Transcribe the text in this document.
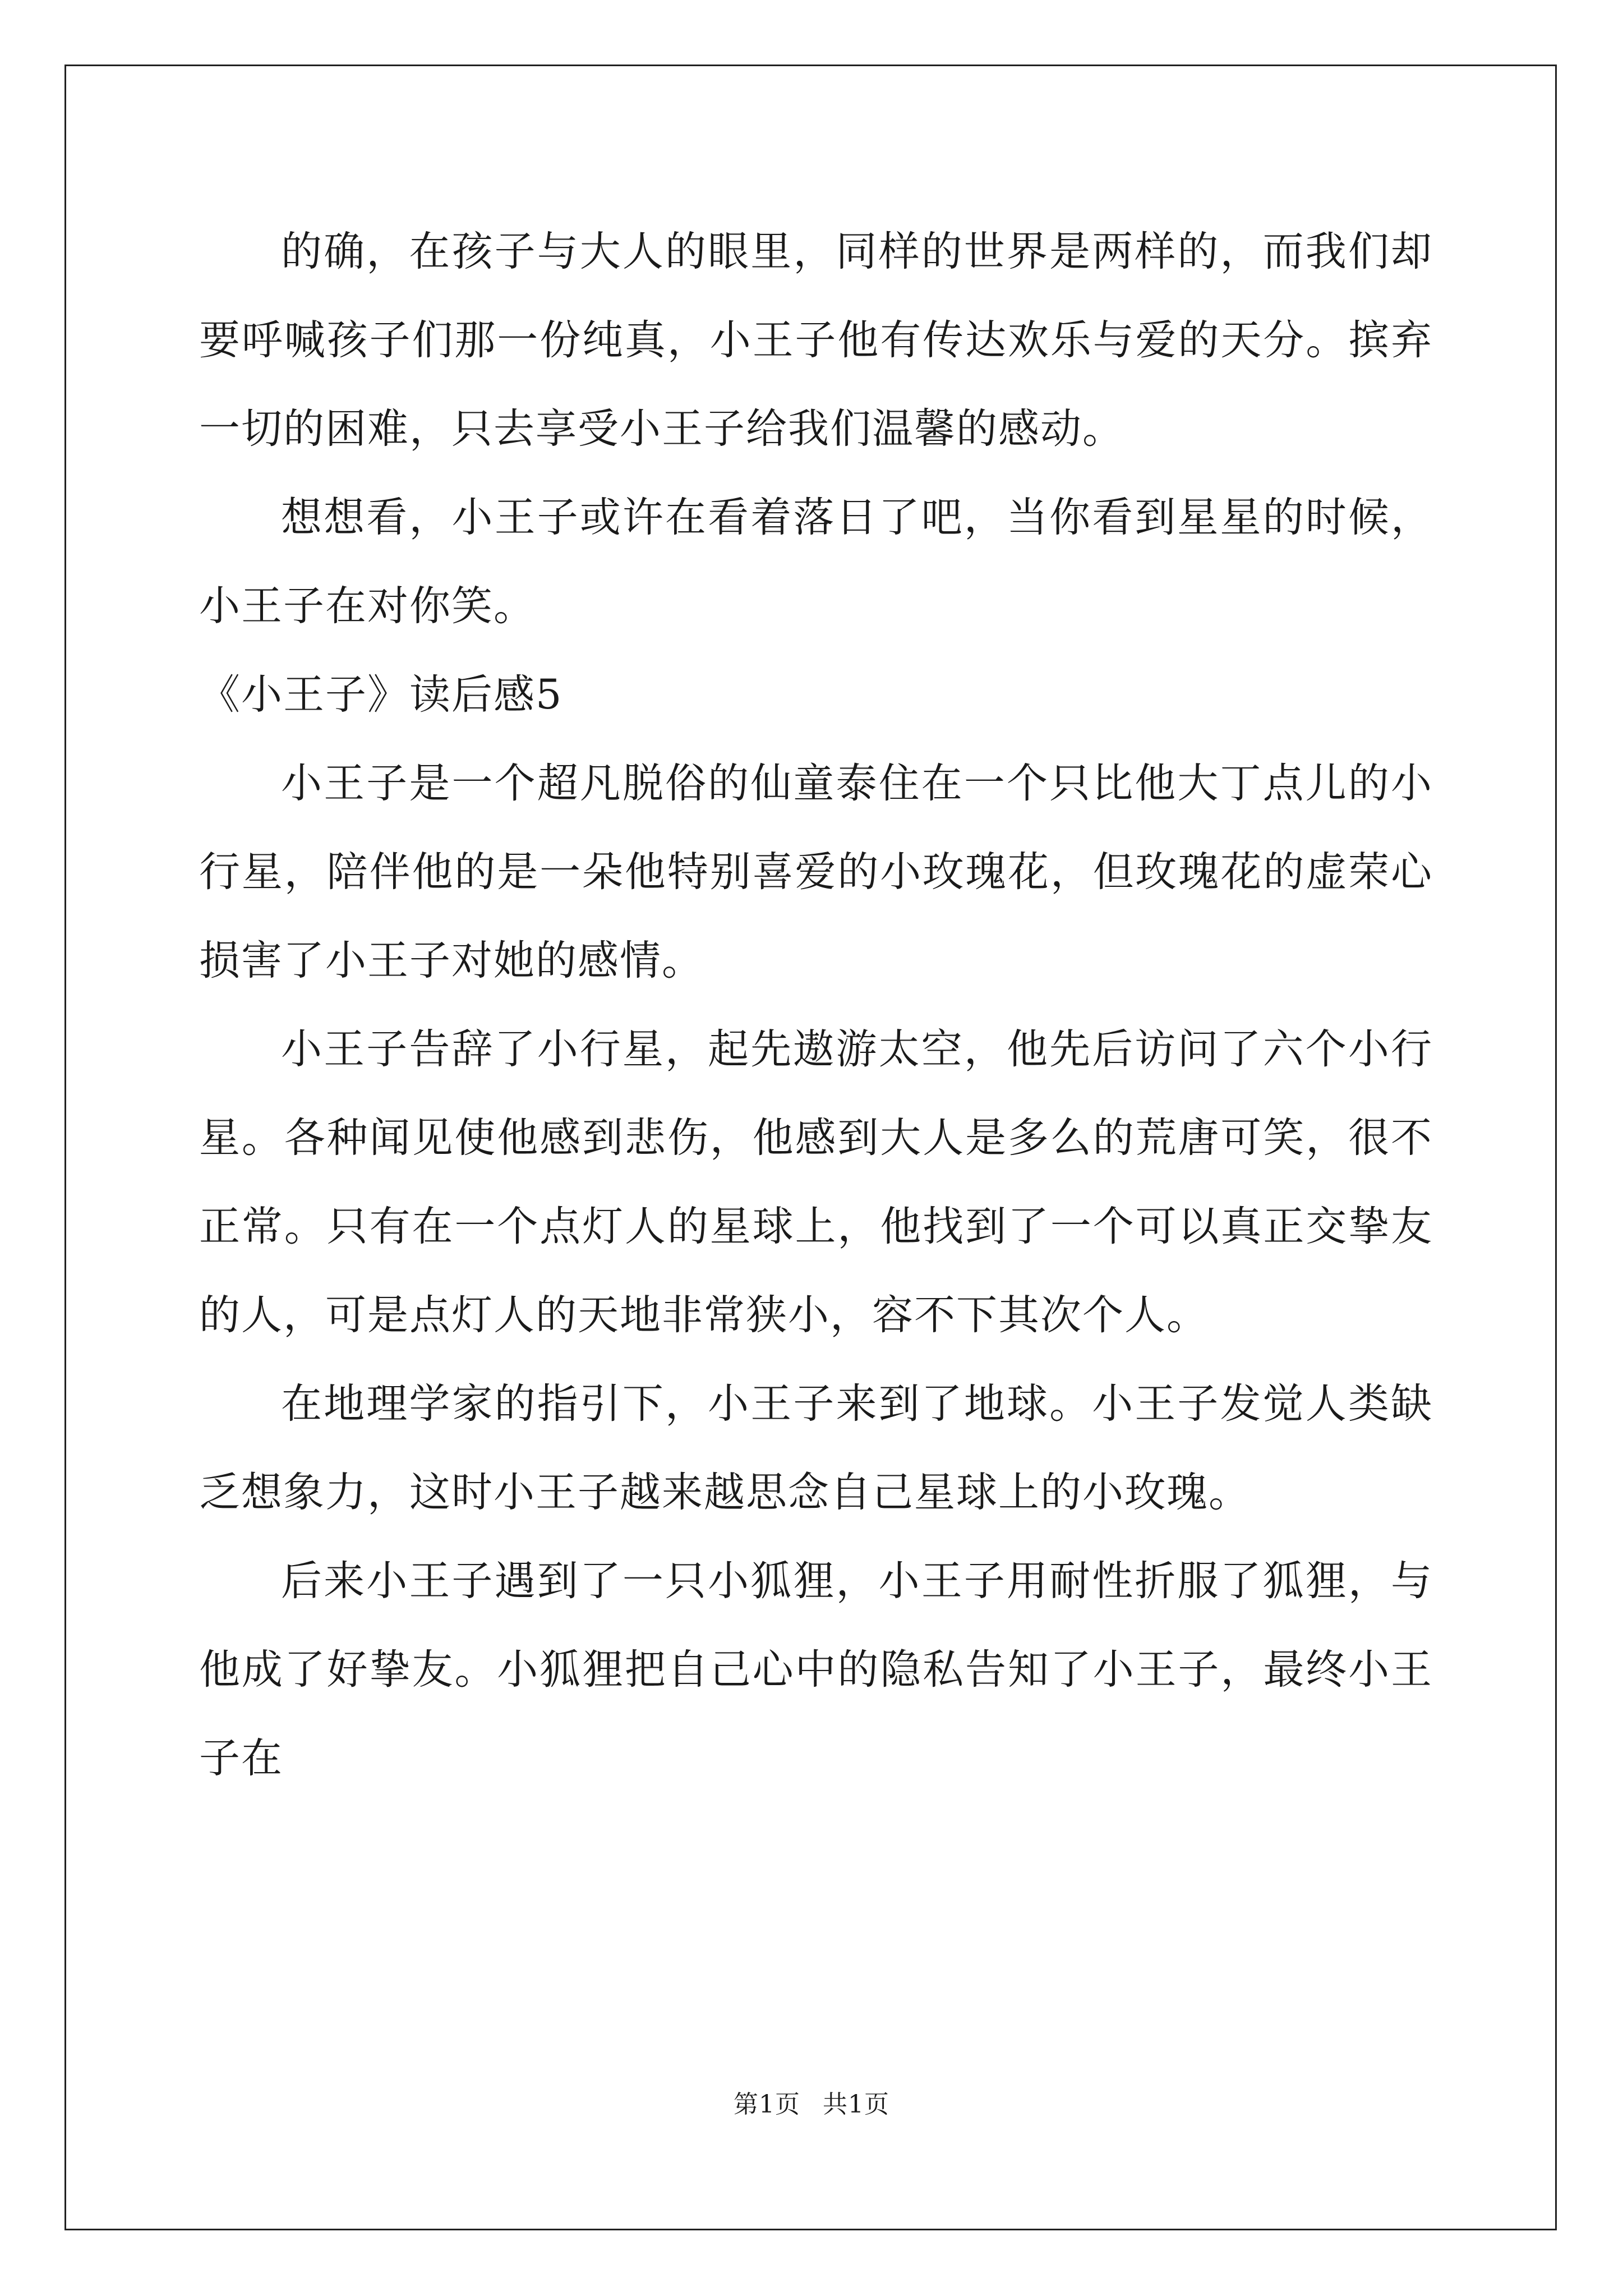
的确，在孩子与大人的眼里，同样的世界是两样的，而我们却要呼喊孩子们那一份纯真，小王子他有传达欢乐与爱的天分。摈弃一切的困难，只去享受小王子给我们温馨的感动。

想想看，小王子或许在看着落日了吧，当你看到星星的时候，小王子在对你笑。

《小王子》读后感5

小王子是一个超凡脱俗的仙童泰住在一个只比他大丁点儿的小行星，陪伴他的是一朵他特别喜爱的小玫瑰花，但玫瑰花的虚荣心损害了小王子对她的感情。

小王子告辞了小行星，起先遨游太空，他先后访问了六个小行星。各种闻见使他感到悲伤，他感到大人是多么的荒唐可笑，很不正常。只有在一个点灯人的星球上，他找到了一个可以真正交挚友的人，可是点灯人的天地非常狭小，容不下其次个人。

在地理学家的指引下，小王子来到了地球。小王子发觉人类缺乏想象力，这时小王子越来越思念自己星球上的小玫瑰。

后来小王子遇到了一只小狐狸，小王子用耐性折服了狐狸，与他成了好挚友。小狐狸把自己心中的隐私告知了小王子，最终小王子在

第1页 共1页
